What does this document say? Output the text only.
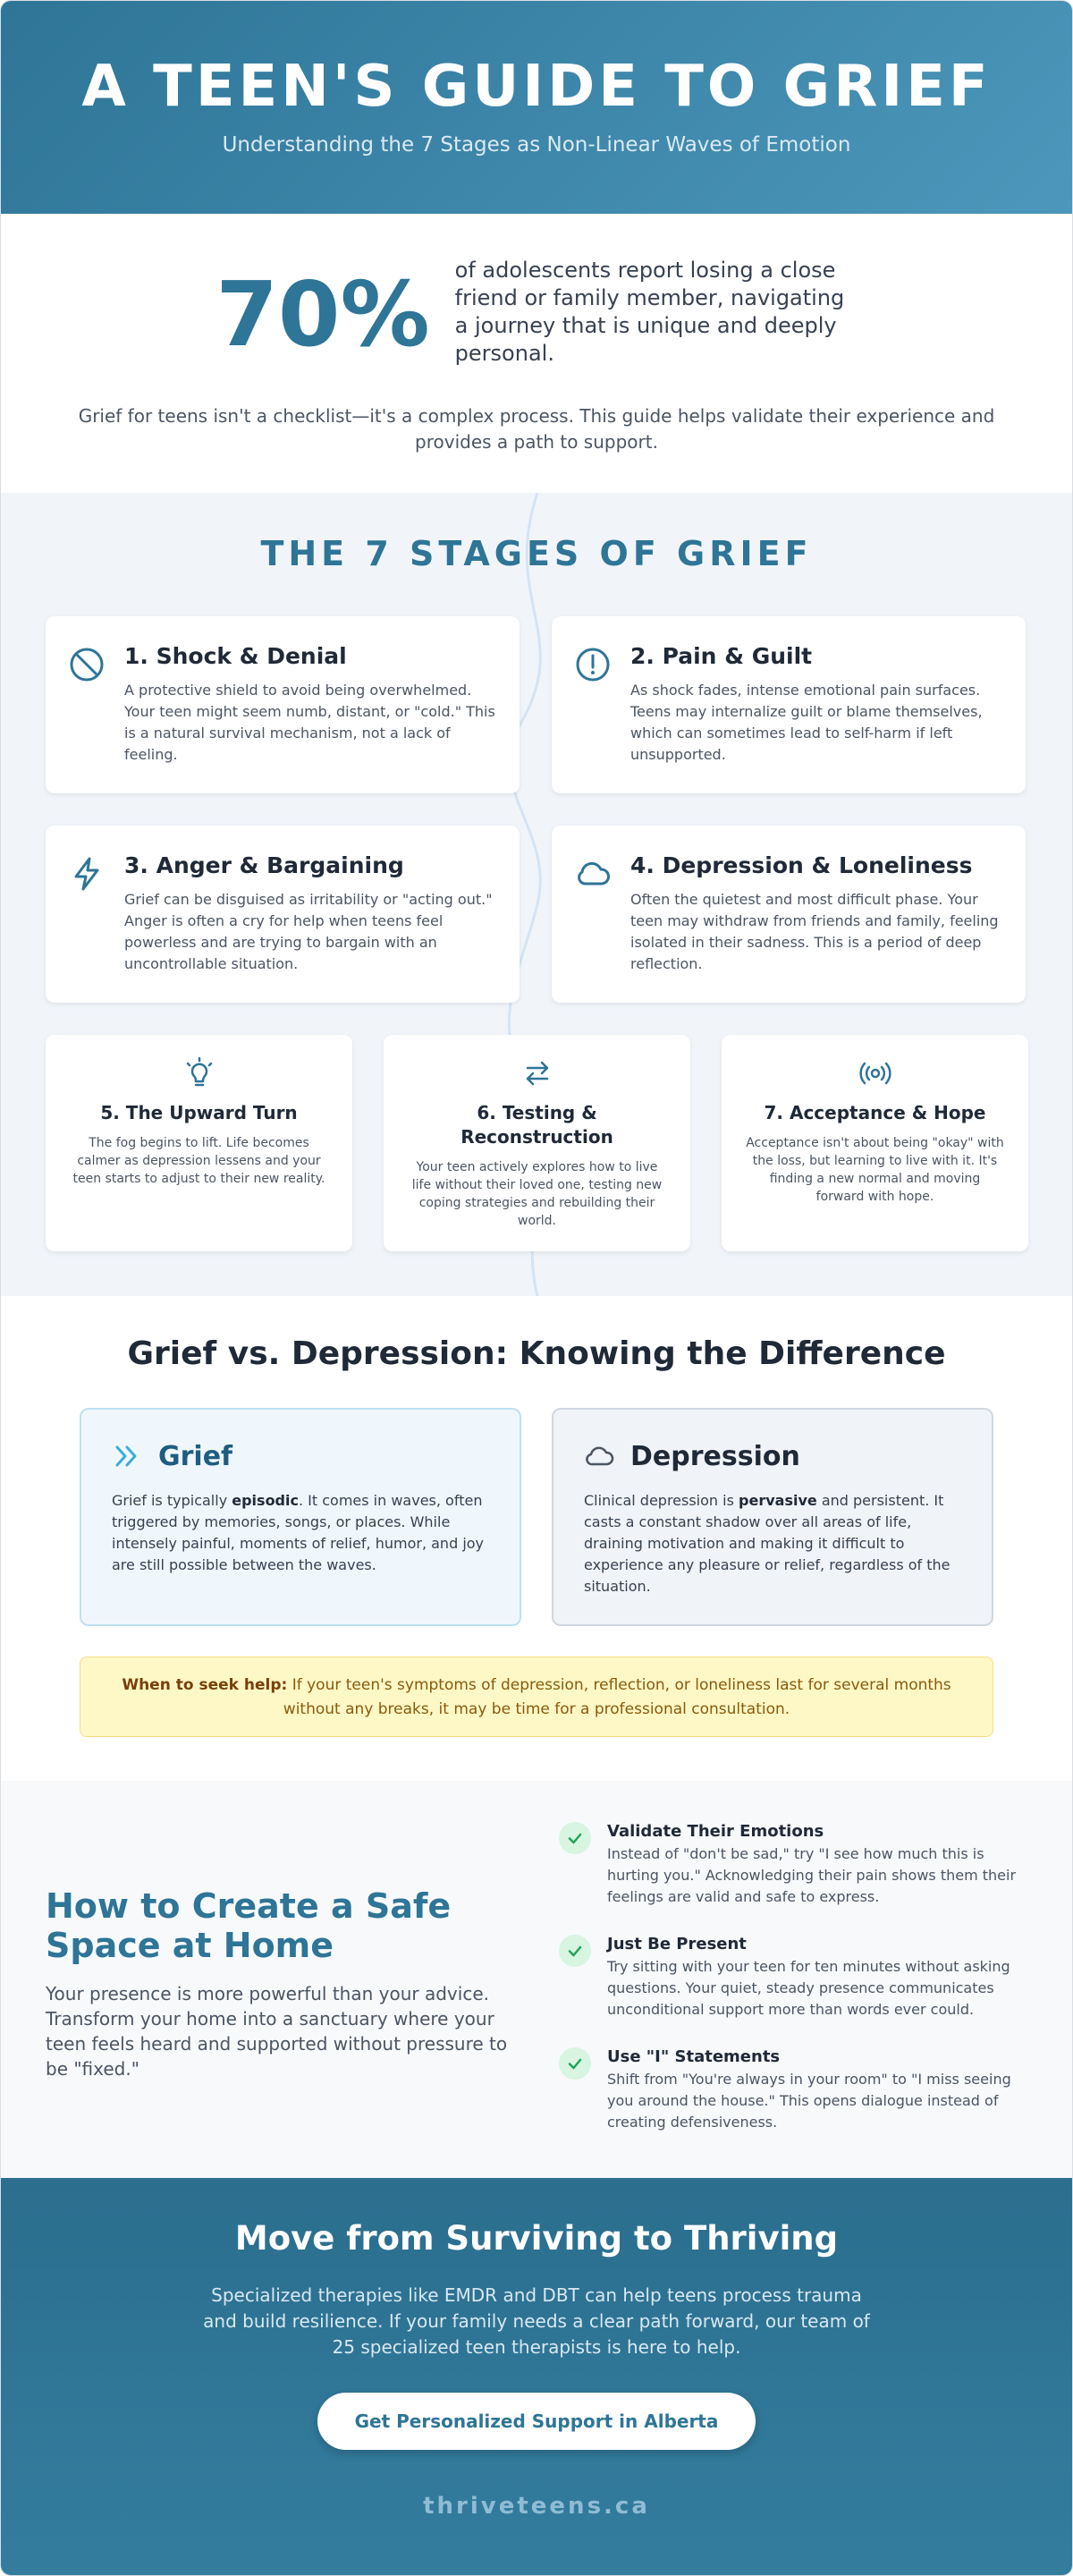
A TEEN'S GUIDE TO GRIEF

Understanding the 7 Stages as Non-Linear Waves of Emotion

70% of adolescents report losing a close friend or family member, navigating a journey that is unique and deeply personal.

Grief for teens isn't a checklist—it's a complex process. This guide helps validate their experience and provides a path to support.

THE 7 STAGES OF GRIEF
1. Shock & Denial

A protective shield to avoid being overwhelmed. Your teen might seem numb, distant, or "cold." This is a natural survival mechanism, not a lack of feeling.

2. Pain & Guilt

As shock fades, intense emotional pain surfaces. Teens may internalize guilt or blame themselves, which can sometimes lead to self-harm if left unsupported.

3. Anger & Bargaining

Grief can be disguised as irritability or "acting out." Anger is often a cry for help when teens feel powerless and are trying to bargain with an uncontrollable situation.

4. Depression & Loneliness

Often the quietest and most difficult phase. Your teen may withdraw from friends and family, feeling isolated in their sadness. This is a period of deep reflection.

5. The Upward Turn

The fog begins to lift. Life becomes calmer as depression lessens and your teen starts to adjust to their new reality.

6. Testing & Reconstruction

Your teen actively explores how to live life without their loved one, testing new coping strategies and rebuilding their world.

7. Acceptance & Hope

Acceptance isn't about being "okay" with the loss, but learning to live with it. It's finding a new normal and moving forward with hope.

Grief vs. Depression: Knowing the Difference
Grief

Grief is typically episodic. It comes in waves, often triggered by memories, songs, or places. While intensely painful, moments of relief, humor, and joy are still possible between the waves.

Depression

Clinical depression is pervasive and persistent. It casts a constant shadow over all areas of life, draining motivation and making it difficult to experience any pleasure or relief, regardless of the situation.

When to seek help: If your teen's symptoms of depression, reflection, or loneliness last for several months without any breaks, it may be time for a professional consultation.
How to Create a Safe Space at Home

Your presence is more powerful than your advice. Transform your home into a sanctuary where your teen feels heard and supported without pressure to be "fixed."

Validate Their Emotions

Instead of "don't be sad," try "I see how much this is hurting you." Acknowledging their pain shows them their feelings are valid and safe to express.

Just Be Present

Try sitting with your teen for ten minutes without asking questions. Your quiet, steady presence communicates unconditional support more than words ever could.

Use "I" Statements

Shift from "You're always in your room" to "I miss seeing you around the house." This opens dialogue instead of creating defensiveness.

Move from Surviving to Thriving

Specialized therapies like EMDR and DBT can help teens process trauma and build resilience. If your family needs a clear path forward, our team of 25 specialized teen therapists is here to help.

Get Personalized Support in Alberta
thriveteens.ca
